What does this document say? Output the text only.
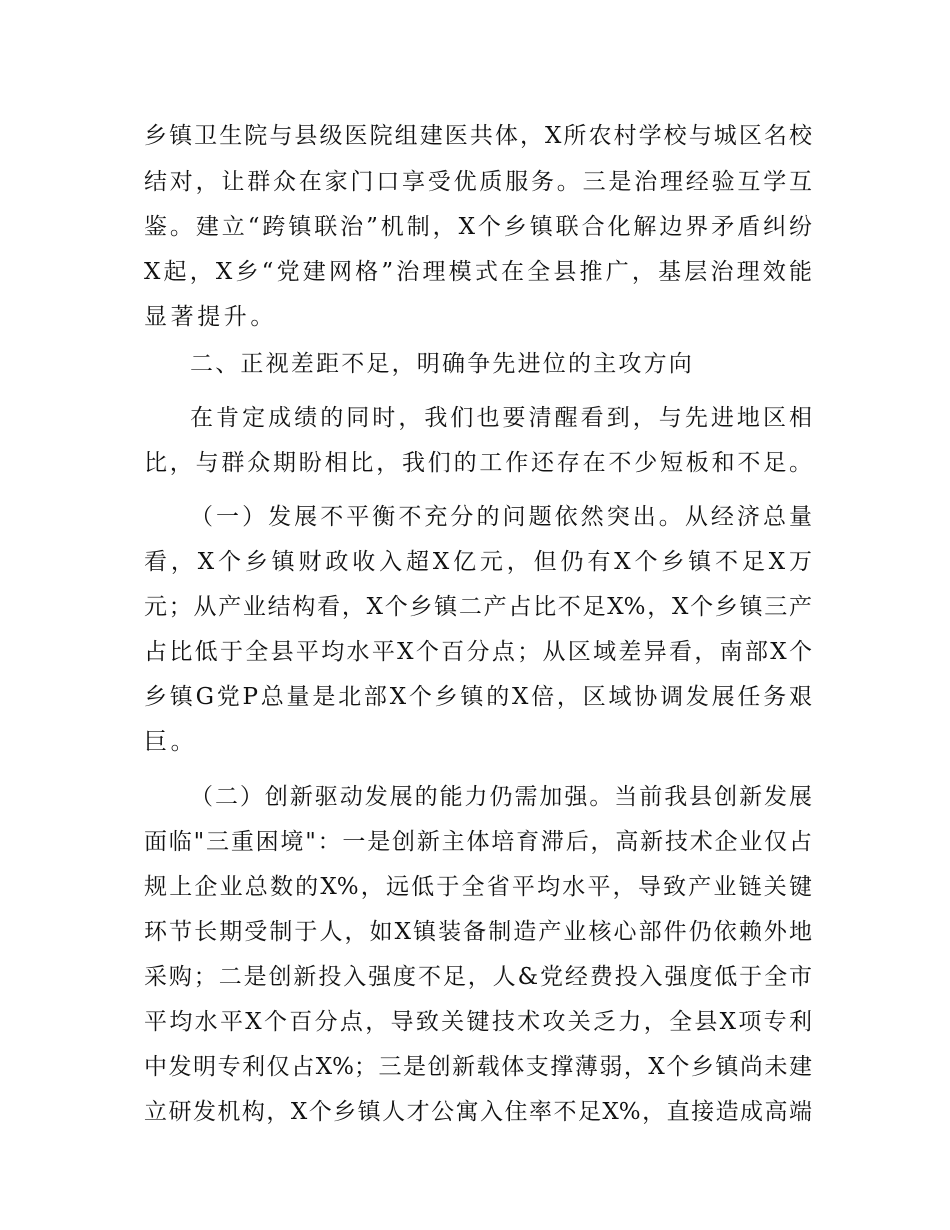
乡镇卫生院与县级医院组建医共体，X所农村学校与城区名校
结对，让群众在家门口享受优质服务。三是治理经验互学互
鉴。建立“跨镇联治”机制，X个乡镇联合化解边界矛盾纠纷
X起，X乡“党建网格”治理模式在全县推广，基层治理效能
显著提升。
二、正视差距不足，明确争先进位的主攻方向
在肯定成绩的同时，我们也要清醒看到，与先进地区相
比，与群众期盼相比，我们的工作还存在不少短板和不足。
（一）发展不平衡不充分的问题依然突出。从经济总量
看，X个乡镇财政收入超X亿元，但仍有X个乡镇不足X万
元；从产业结构看，X个乡镇二产占比不足X%，X个乡镇三产
占比低于全县平均水平X个百分点；从区域差异看，南部X个
乡镇G党P总量是北部X个乡镇的X倍，区域协调发展任务艰
巨。
（二）创新驱动发展的能力仍需加强。当前我县创新发展
面临"三重困境"：一是创新主体培育滞后，高新技术企业仅占
规上企业总数的X%，远低于全省平均水平，导致产业链关键
环节长期受制于人，如X镇装备制造产业核心部件仍依赖外地
采购；二是创新投入强度不足，人&党经费投入强度低于全市
平均水平X个百分点，导致关键技术攻关乏力，全县X项专利
中发明专利仅占X%；三是创新载体支撑薄弱，X个乡镇尚未建
立研发机构，X个乡镇人才公寓入住率不足X%，直接造成高端
